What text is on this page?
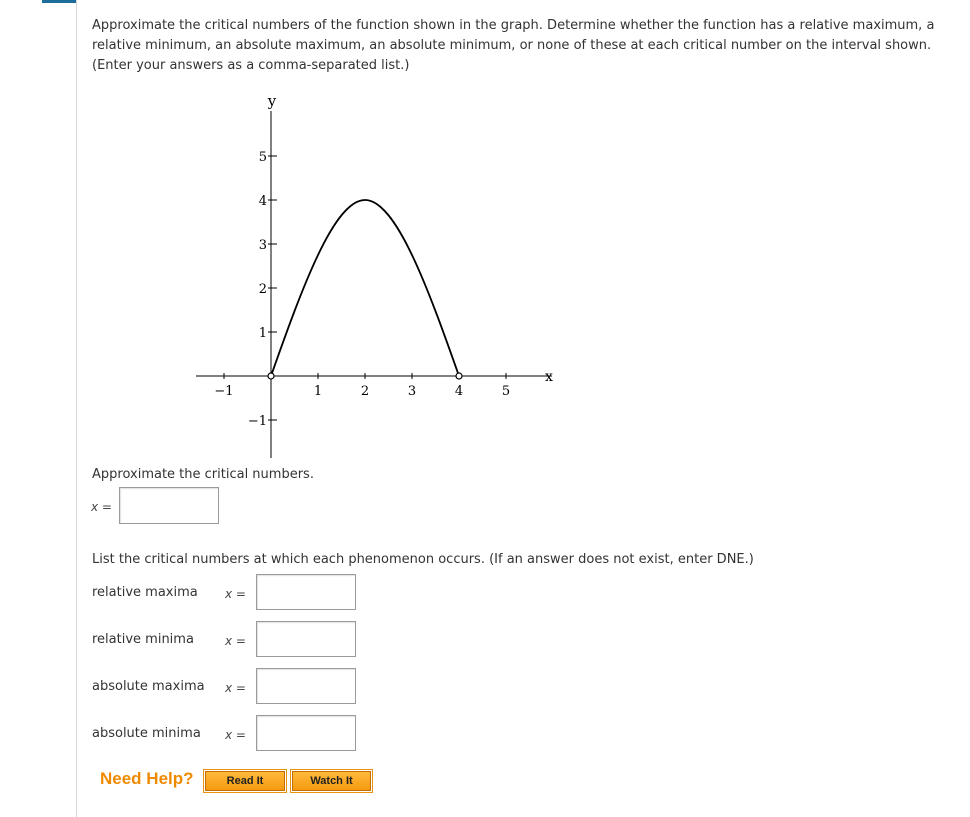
Approximate the critical numbers of the function shown in the graph. Determine whether the function has a relative maximum, a relative minimum, an absolute maximum, an absolute minimum, or none of these at each critical number on the interval shown. (Enter your answers as a comma-separated list.)
−1	1	2	3	4	5
5
4
3
2
1
−1
y
x
Approximate the critical numbers.
x =
List the critical numbers at which each phenomenon occurs. (If an answer does not exist, enter DNE.)
relative maxima x =
relative minima	x =
absolute maxima x =
absolute minima x =
Need Help?	Read It	Watch It
